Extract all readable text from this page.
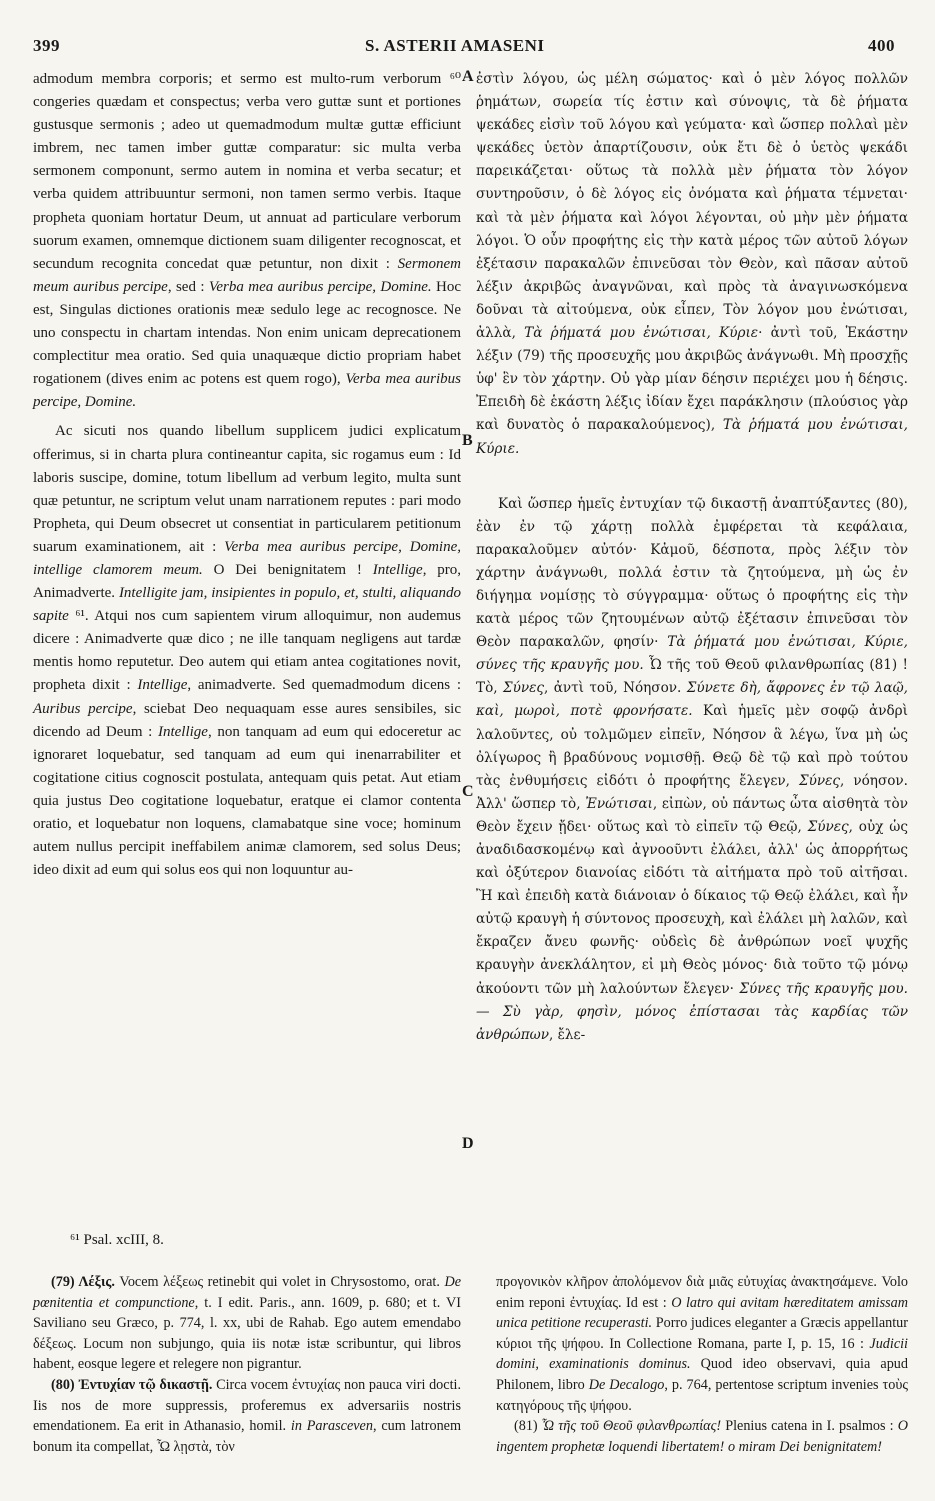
399	S. ASTERII AMASENI	400
A
B
C
D

admodum membra corporis; et sermo est multo-rum verborum ⁶⁰ congeries quædam et conspectus; verba vero guttæ sunt et portiones gustusque sermonis ; adeo ut quemadmodum multæ guttæ efficiunt imbrem, nec tamen imber guttæ comparatur: sic multa verba sermonem componunt, sermo autem in nomina et verba secatur; et verba quidem attribuuntur sermoni, non tamen sermo verbis. Itaque propheta quoniam hortatur Deum, ut annuat ad particulare verborum suorum examen, omnemque dictionem suam diligenter recognoscat, et secundum recognita concedat quæ petuntur, non dixit : Sermonem meum auribus percipe, sed : Verba mea auribus percipe, Domine. Hoc est, Singulas dictiones orationis meæ sedulo lege ac recognosce. Ne uno conspectu in chartam intendas. Non enim unicam deprecationem complectitur mea oratio. Sed quia unaquæque dictio propriam habet rogationem (dives enim ac potens est quem rogo), Verba mea auribus percipe, Domine.

Ac sicuti nos quando libellum supplicem judici explicatum offerimus, si in charta plura contineantur capita, sic rogamus eum : Id laboris suscipe, domine, totum libellum ad verbum legito, multa sunt quæ petuntur, ne scriptum velut unam narrationem reputes : pari modo Propheta, qui Deum obsecret ut consentiat in particularem petitionum suarum examinationem, ait : Verba mea auribus percipe, Domine, intellige clamorem meum. O Dei benignitatem ! Intellige, pro, Animadverte. Intelligite jam, insipientes in populo, et, stulti, aliquando sapite ⁶¹. Atqui nos cum sapientem virum alloquimur, non audemus dicere : Animadverte quæ dico ; ne ille tanquam negligens aut tardæ mentis homo reputetur. Deo autem qui etiam antea cogitationes novit, propheta dixit : Intellige, animadverte. Sed quemadmodum dicens : Auribus percipe, sciebat Deo nequaquam esse aures sensibiles, sic dicendo ad Deum : Intellige, non tanquam ad eum qui edoceretur ac ignoraret loquebatur, sed tanquam ad eum qui inenarrabiliter et cogitatione citius cognoscit postulata, antequam quis petat. Aut etiam quia justus Deo cogitatione loquebatur, eratque ei clamor contenta oratio, et loquebatur non loquens, clamabatque sine voce; hominum autem nullus percipit ineffabilem animæ clamorem, sed solus Deus; ideo dixit ad eum qui solus eos qui non loquuntur au-

ἐστὶν λόγου, ὡς μέλη σώματος· καὶ ὁ μὲν λόγος πολλῶν ῥημάτων, σωρεία τίς ἐστιν καὶ σύνοψις, τὰ δὲ ῥήματα ψεκάδες εἰσὶν τοῦ λόγου καὶ γεύματα· καὶ ὥσπερ πολλαὶ μὲν ψεκάδες ὑετὸν ἀπαρτίζουσιν, οὐκ ἔτι δὲ ὁ ὑετὸς ψεκάδι παρεικάζεται· οὕτως τὰ πολλὰ μὲν ῥήματα τὸν λόγον συντηροῦσιν, ὁ δὲ λόγος εἰς ὀνόματα καὶ ῥήματα τέμνεται· καὶ τὰ μὲν ῥήματα καὶ λόγοι λέγονται, οὐ μὴν μὲν ῥήματα λόγοι. Ὁ οὖν προφήτης εἰς τὴν κατὰ μέρος τῶν αὐτοῦ λόγων ἐξέτασιν παρακαλῶν ἐπινεῦσαι τὸν Θεὸν, καὶ πᾶσαν αὐτοῦ λέξιν ἀκριβῶς ἀναγνῶναι, καὶ πρὸς τὰ ἀναγινωσκόμενα δοῦναι τὰ αἰτούμενα, οὐκ εἶπεν, Τὸν λόγον μου ἐνώτισαι, ἀλλὰ, Τὰ ῥήματά μου ἐνώτισαι, Κύριε· ἀντὶ τοῦ, Ἑκάστην λέξιν (79) τῆς προσευχῆς μου ἀκριβῶς ἀνάγνωθι. Μὴ προσχῇς ὑφ' ἓν τὸν χάρτην. Οὐ γὰρ μίαν δέησιν περιέχει μου ἡ δέησις. Ἐπειδὴ δὲ ἑκάστη λέξις ἰδίαν ἔχει παράκλησιν (πλούσιος γὰρ καὶ δυνατὸς ὁ παρακαλούμενος), Τὰ ῥήματά μου ἐνώτισαι, Κύριε.

Καὶ ὥσπερ ἡμεῖς ἐντυχίαν τῷ δικαστῇ ἀναπτύξαντες (80), ἐὰν ἐν τῷ χάρτῃ πολλὰ ἐμφέρεται τὰ κεφάλαια, παρακαλοῦμεν αὐτόν· Κἀμοῦ, δέσποτα, πρὸς λέξιν τὸν χάρτην ἀνάγνωθι, πολλά ἐστιν τὰ ζητούμενα, μὴ ὡς ἐν διήγημα νομίσῃς τὸ σύγγραμμα· οὕτως ὁ προφήτης εἰς τὴν κατὰ μέρος τῶν ζητουμένων αὐτῷ ἐξέτασιν ἐπινεῦσαι τὸν Θεὸν παρακαλῶν, φησίν· Τὰ ῥήματά μου ἐνώτισαι, Κύριε, σύνες τῆς κραυγῆς μου. Ὦ τῆς τοῦ Θεοῦ φιλανθρωπίας (81) ! Τὸ, Σύνες, ἀντὶ τοῦ, Νόησον. Σύνετε δὴ, ἄφρονες ἐν τῷ λαῷ, καὶ, μωροὶ, ποτὲ φρονήσατε. Καὶ ἡμεῖς μὲν σοφῷ ἀνδρὶ λαλοῦντες, οὐ τολμῶμεν εἰπεῖν, Νόησον ἃ λέγω, ἵνα μὴ ὡς ὀλίγωρος ἢ βραδύνους νομισθῇ. Θεῷ δὲ τῷ καὶ πρὸ τούτου τὰς ἐνθυμήσεις εἰδότι ὁ προφήτης ἔλεγεν, Σύνες, νόησον. Ἀλλ' ὥσπερ τὸ, Ἐνώτισαι, εἰπὼν, οὐ πάντως ὦτα αἰσθητὰ τὸν Θεὸν ἔχειν ᾔδει· οὕτως καὶ τὸ εἰπεῖν τῷ Θεῷ, Σύνες, οὐχ ὡς ἀναδιδασκομένῳ καὶ ἀγνοοῦντι ἐλάλει, ἀλλ' ὡς ἀπορρήτως καὶ ὀξύτερον διανοίας εἰδότι τὰ αἰτήματα πρὸ τοῦ αἰτῆσαι. Ἢ καὶ ἐπειδὴ κατὰ διάνοιαν ὁ δίκαιος τῷ Θεῷ ἐλάλει, καὶ ἦν αὐτῷ κραυγὴ ἡ σύντονος προσευχὴ, καὶ ἐλάλει μὴ λαλῶν, καὶ ἔκραζεν ἄνευ φωνῆς· οὐδεὶς δὲ ἀνθρώπων νοεῖ ψυχῆς κραυγὴν ἀνεκλάλητον, εἰ μὴ Θεὸς μόνος· διὰ τοῦτο τῷ μόνῳ ἀκούοντι τῶν μὴ λαλούντων ἔλεγεν· Σύνες τῆς κραυγῆς μου. — Σὺ γὰρ, φησὶν, μόνος ἐπίστασαι τὰς καρδίας τῶν ἀνθρώπων, ἔλε-

⁶¹ Psal. xcIII, 8.

(79) Λέξις. Vocem λέξεως retinebit qui volet in Chrysostomo, orat. De pœnitentia et compunctione, t. I edit. Paris., ann. 1609, p. 680; et t. VI Saviliano seu Græco, p. 774, l. xx, ubi de Rahab. Ego autem emendabo δέξεως. Locum non subjungo, quia iis notæ istæ scribuntur, qui libros habent, eosque legere et relegere non pigrantur.

(80) Ἐντυχίαν τῷ δικαστῇ. Circa vocem ἐντυχίας non pauca viri docti. Iis nos de more suppressis, proferemus ex adversariis nostris emendationem. Ea erit in Athanasio, homil. in Parasceven, cum latronem bonum ita compellat, Ὦ λῃστὰ, τὸν

προγονικὸν κλῆρον ἀπολόμενον διὰ μιᾶς εὐτυχίας ἀνακτησάμενε. Volo enim reponi ἐντυχίας. Id est : O latro qui avitam hæreditatem amissam unica petitione recuperasti. Porro judices eleganter a Græcis appellantur κύριοι τῆς ψήφου. In Collectione Romana, parte I, p. 15, 16 : Judicii domini, examinationis dominus. Quod ideo observavi, quia apud Philonem, libro De Decalogo, p. 764, pertentose scriptum invenies τοὺς κατηγόρους τῆς ψήφου.

(81) Ὦ τῆς τοῦ Θεοῦ φιλανθρωπίας! Plenius catena in I. psalmos : O ingentem prophetæ loquendi libertatem! o miram Dei benignitatem!
